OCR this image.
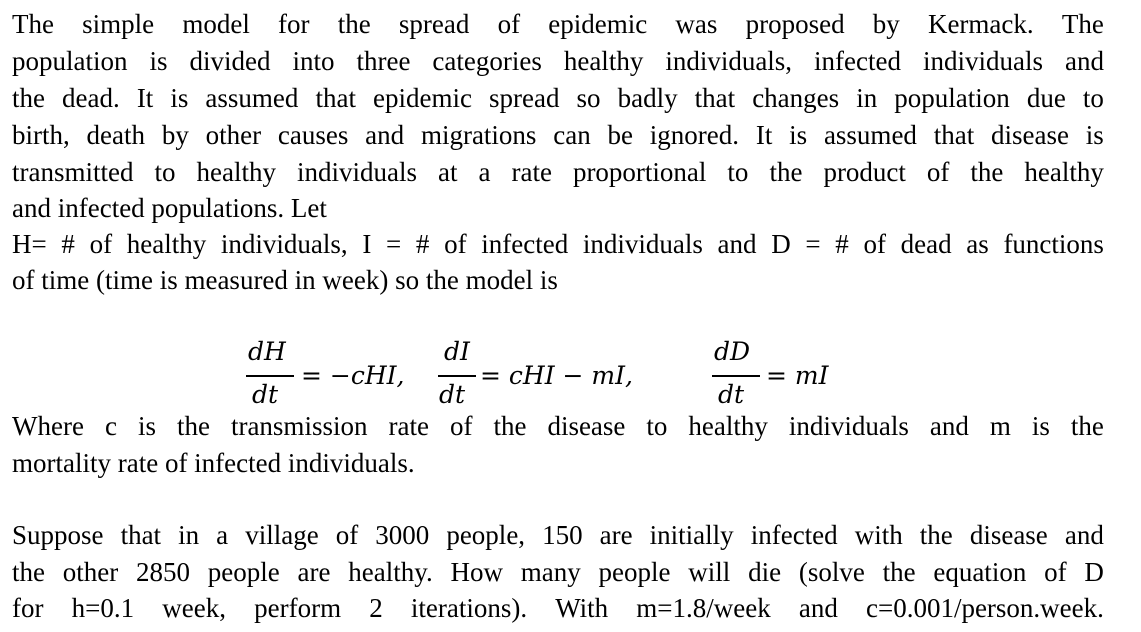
The simple model for the spread of epidemic was proposed by Kermack. The
population is divided into three categories healthy individuals, infected individuals and
the dead. It is assumed that epidemic spread so badly that changes in population due to
birth, death by other causes and migrations can be ignored. It is assumed that disease is
transmitted to healthy individuals at a rate proportional to the product of the healthy
and infected populations. Let
H= # of healthy individuals, I = # of infected individuals and D = # of dead as functions
of time (time is measured in week) so the model is
dH
dt
= −cHI,
dI
dt
= cHI − mI,
dD
dt
= mI
Where c is the transmission rate of the disease to healthy individuals and m is the
mortality rate of infected individuals.
Suppose that in a village of 3000 people, 150 are initially infected with the disease and
the other 2850 people are healthy. How many people will die (solve the equation of D
for h=0.1 week, perform 2 iterations). With m=1.8/week and c=0.001/person.week.
